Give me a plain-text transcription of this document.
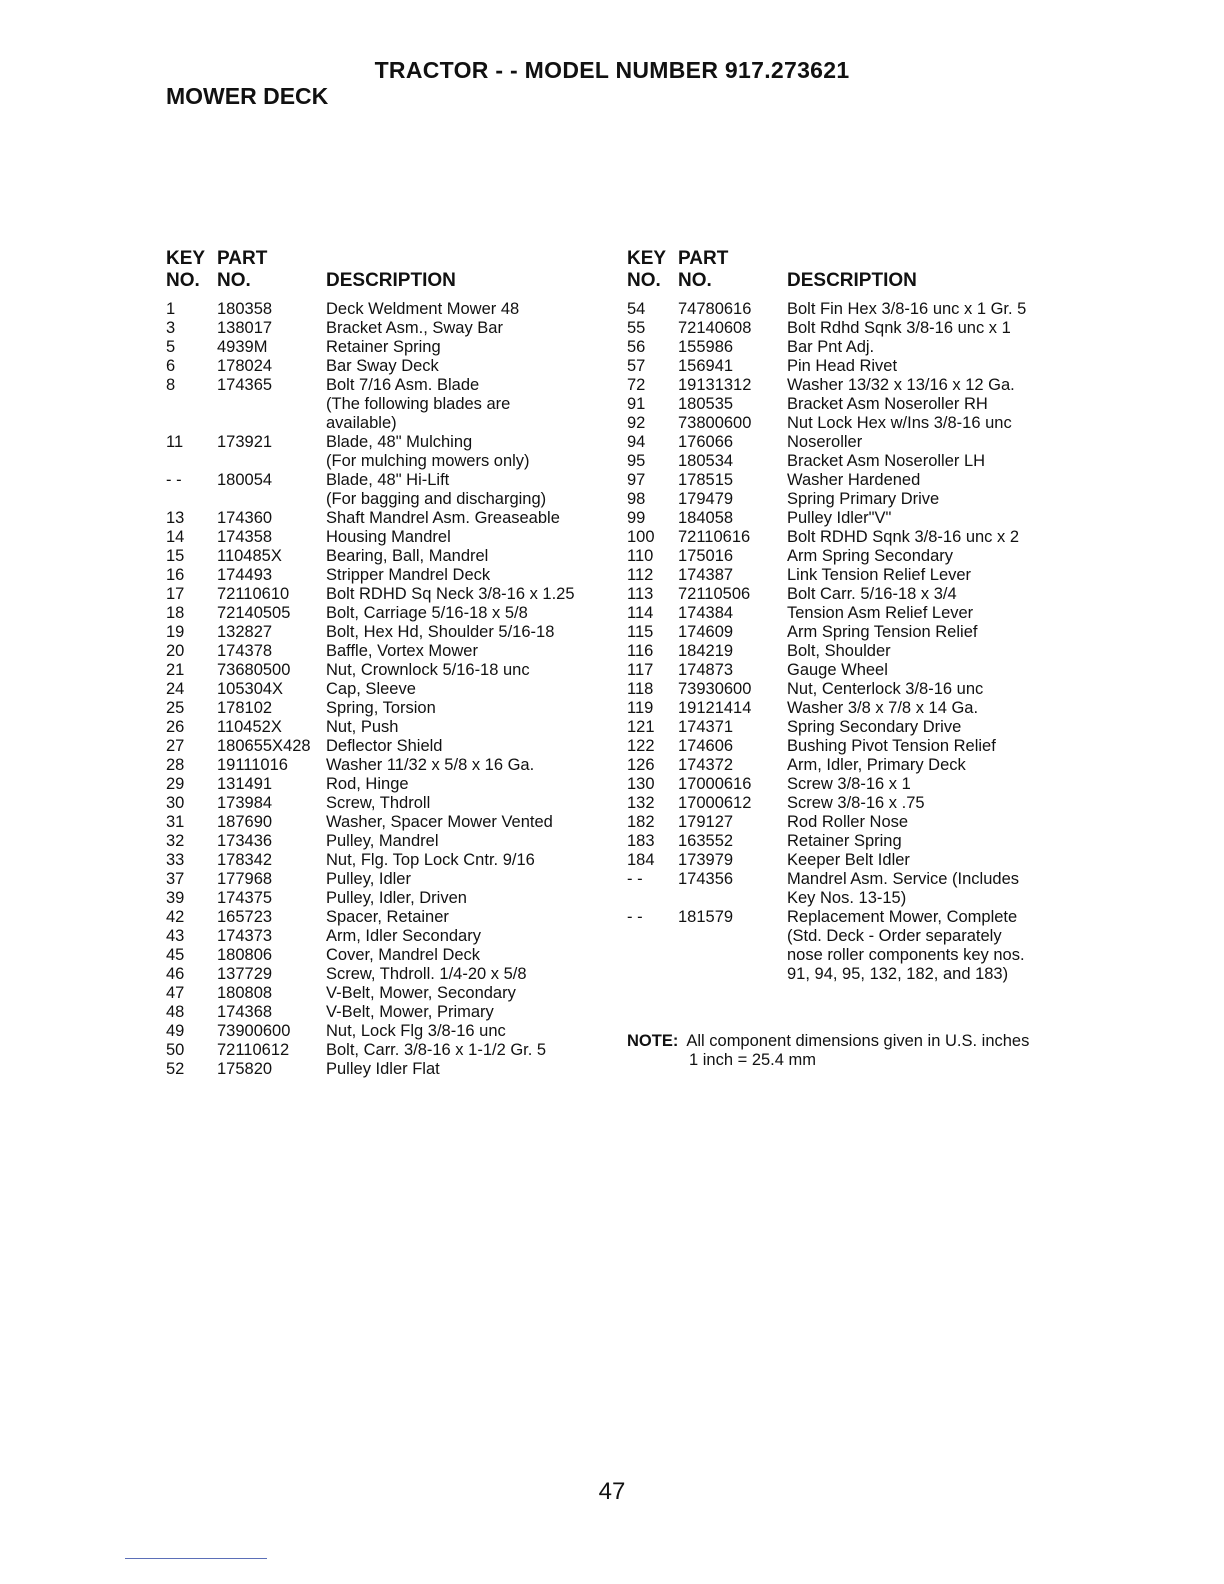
TRACTOR - - MODEL NUMBER 917.273621
MOWER DECK
KEY
NO.
PART
NO.	DESCRIPTION
1	180358	Deck Weldment Mower 48
3	138017	Bracket Asm., Sway Bar
5	4939M	Retainer Spring
6	178024	Bar Sway Deck
8	174365	Bolt 7/16 Asm. Blade
(The following blades are
available)
11	173921	Blade, 48" Mulching
(For mulching mowers only)
- -	180054	Blade, 48" Hi-Lift
(For bagging and discharging)
13	174360	Shaft Mandrel Asm. Greaseable
14	174358	Housing Mandrel
15	110485X	Bearing, Ball, Mandrel
16	174493	Stripper Mandrel Deck
17	72110610	Bolt RDHD Sq Neck 3/8-16 x 1.25
18	72140505	Bolt, Carriage 5/16-18 x 5/8
19	132827	Bolt, Hex Hd, Shoulder 5/16-18
20	174378	Baffle, Vortex Mower
21	73680500	Nut, Crownlock 5/16-18 unc
24	105304X	Cap, Sleeve
25	178102	Spring, Torsion
26	110452X	Nut, Push
27	180655X428 Deflector Shield
28	19111016	Washer 11/32 x 5/8 x 16 Ga.
29	131491	Rod, Hinge
30	173984	Screw, Thdroll
31	187690	Washer, Spacer Mower Vented
32	173436	Pulley, Mandrel
33	178342	Nut, Flg. Top Lock Cntr. 9/16
37	177968	Pulley, Idler
39	174375	Pulley, Idler, Driven
42	165723	Spacer, Retainer
43	174373	Arm, Idler Secondary
45	180806	Cover, Mandrel Deck
46	137729	Screw, Thdroll. 1/4-20 x 5/8
47	180808	V-Belt, Mower, Secondary
48	174368	V-Belt, Mower, Primary
49	73900600	Nut, Lock Flg 3/8-16 unc
50	72110612	Bolt, Carr. 3/8-16 x 1-1/2 Gr. 5
52	175820	Pulley Idler Flat
KEY
NO.
PART
NO.	DESCRIPTION
54	74780616	Bolt Fin Hex 3/8-16 unc x 1 Gr. 5
55	72140608	Bolt Rdhd Sqnk 3/8-16 unc x 1
56	155986	Bar Pnt Adj.
57	156941	Pin Head Rivet
72	19131312	Washer 13/32 x 13/16 x 12 Ga.
91	180535	Bracket Asm Noseroller RH
92	73800600	Nut Lock Hex w/Ins 3/8-16 unc
94	176066	Noseroller
95	180534	Bracket Asm Noseroller LH
97	178515	Washer Hardened
98	179479	Spring Primary Drive
99	184058	Pulley Idler"V"
100	72110616	Bolt RDHD Sqnk 3/8-16 unc x 2
110	175016	Arm Spring Secondary
112	174387	Link Tension Relief Lever
113	72110506	Bolt Carr. 5/16-18 x 3/4
114	174384	Tension Asm Relief Lever
115	174609	Arm Spring Tension Relief
116	184219	Bolt, Shoulder
117	174873	Gauge Wheel
118	73930600	Nut, Centerlock 3/8-16 unc
119	19121414	Washer 3/8 x 7/8 x 14 Ga.
121	174371	Spring Secondary Drive
122	174606	Bushing Pivot Tension Relief
126	174372	Arm, Idler, Primary Deck
130	17000616	Screw 3/8-16 x 1
132	17000612	Screw 3/8-16 x .75
182	179127	Rod Roller Nose
183	163552	Retainer Spring
184	173979	Keeper Belt Idler
- -	174356	Mandrel Asm. Service (Includes
Key Nos. 13-15)
- -	181579	Replacement Mower, Complete
(Std. Deck - Order separately
nose roller components key nos.
91, 94, 95, 132, 182, and 183)
NOTE: All component dimensions given in U.S. inches
1 inch = 25.4 mm
47
